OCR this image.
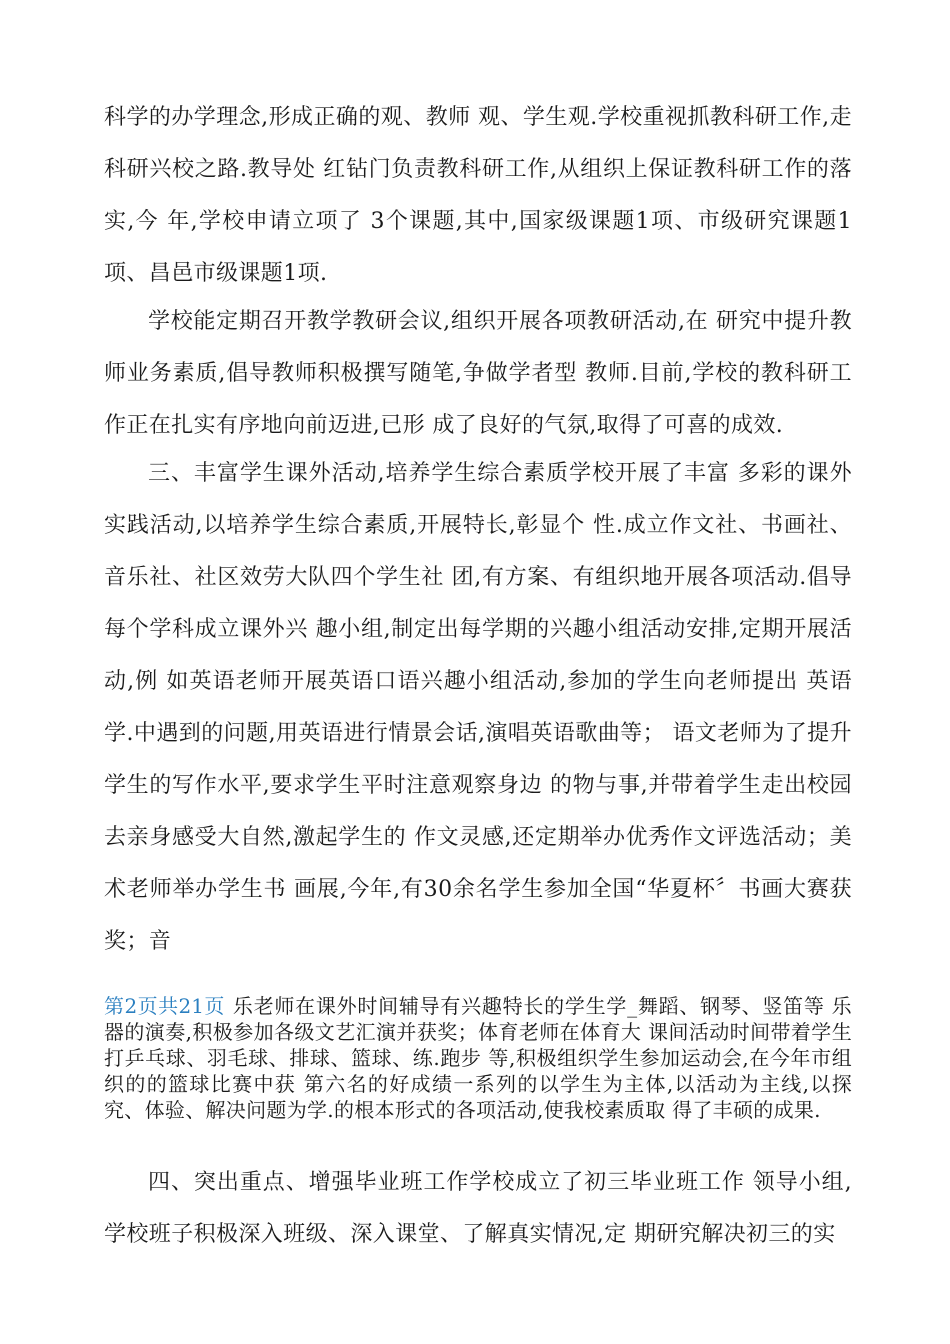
科学的办学理念,形成正确的观、教师 观、学生观.学校重视抓教科研工作,走科研兴校之路.教导处 红钻门负责教科研工作,从组织上保证教科研工作的落实,今 年,学校申请立项了 3个课题,其中,国家级课题1项、市级研究课题1项、昌邑市级课题1项.

学校能定期召开教学教研会议,组织开展各项教研活动,在 研究中提升教师业务素质,倡导教师积极撰写随笔,争做学者型 教师.目前,学校的教科研工作正在扎实有序地向前迈进,已形 成了良好的气氛,取得了可喜的成效.

三、丰富学生课外活动,培养学生综合素质学校开展了丰富 多彩的课外实践活动,以培养学生综合素质,开展特长,彰显个 性.成立作文社、书画社、音乐社、社区效劳大队四个学生社 团,有方案、有组织地开展各项活动.倡导每个学科成立课外兴 趣小组,制定出每学期的兴趣小组活动安排,定期开展活动,例 如英语老师开展英语口语兴趣小组活动,参加的学生向老师提出 英语学.中遇到的问题,用英语进行情景会话,演唱英语歌曲等； 语文老师为了提升学生的写作水平,要求学生平时注意观察身边 的物与事,并带着学生走出校园去亲身感受大自然,激起学生的 作文灵感,还定期举办优秀作文评选活动；美术老师举办学生书 画展,今年,有30余名学生参加全国“华夏杯〞书画大赛获奖；音

第2页共21页 乐老师在课外时间辅导有兴趣特长的学生学_舞蹈、钢琴、竖笛等 乐器的演奏,积极参加各级文艺汇演并获奖；体育老师在体育大 课间活动时间带着学生打乒乓球、羽毛球、排球、篮球、练.跑步 等,积极组织学生参加运动会,在今年市组织的的篮球比赛中获 第六名的好成绩一系列的以学生为主体,以活动为主线,以探 究、体验、解决问题为学.的根本形式的各项活动,使我校素质取 得了丰硕的成果.

四、突出重点、增强毕业班工作学校成立了初三毕业班工作 领导小组,学校班子积极深入班级、深入课堂、了解真实情况,定 期研究解决初三的实
